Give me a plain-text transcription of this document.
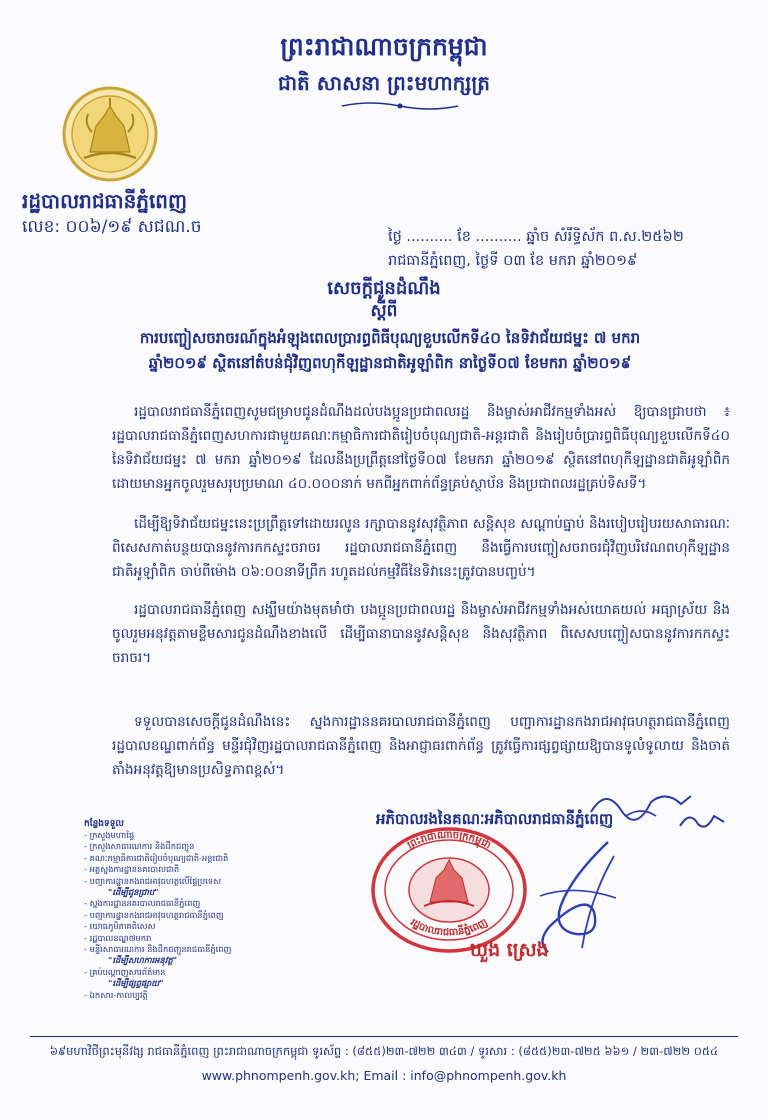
ព្រះរាជាណាចក្រកម្ពុជា
ជាតិ សាសនា ព្រះមហាក្សត្រ
រដ្ឋបាលរាជធានីភ្នំពេញ
លេខ: ០០៦/១៩ សជណ.ច	ថ្ងៃ .......... ខែ .......... ឆ្នាំច សំរឹទ្ធិស័ក ព.ស.២៥៦២
រាជធានីភ្នំពេញ, ថ្ងៃទី ០៣ ខែ មករា ឆ្នាំ២០១៩
សេចក្តីជូនដំណឹង
ស្តីពី
ការបញ្ចៀសចរាចរណ៍ក្នុងអំឡុងពេលប្រារព្ធពិធីបុណ្យខួបលើកទី៤០ នៃទិវាជ័យជម្នះ ៧ មករា
ឆ្នាំ២០១៩ ស្ថិតនៅតំបន់ជុំវិញពហុកីឡដ្ឋានជាតិអូឡាំពិក នាថ្ងៃទី០៧ ខែមករា ឆ្នាំ២០១៩
រដ្ឋបាលរាជធានីភ្នំពេញសូមជម្រាបជូនដំណឹងដល់បងប្អូនប្រជាពលរដ្ឋ និងម្ចាស់អាជីវកម្មទាំងអស់ ឱ្យបានជ្រាបថា ៖ រដ្ឋបាលរាជធានីភ្នំពេញសហការជាមួយគណៈកម្មាធិការជាតិរៀបចំបុណ្យជាតិ-អន្តរជាតិ និងរៀបចំប្រារព្ធពិធីបុណ្យខួបលើកទី៤០ នៃទិវាជ័យជម្នះ ៧ មករា ឆ្នាំ២០១៩ ដែលនឹងប្រព្រឹត្តនៅថ្ងៃទី០៧ ខែមករា ឆ្នាំ២០១៩ ស្ថិតនៅពហុកីឡដ្ឋានជាតិអូឡាំពិក ដោយមានអ្នកចូលរួមសរុបប្រមាណ ៤០.០០០នាក់ មកពីអ្នកពាក់ព័ន្ធគ្រប់ស្ថាប័ន និងប្រជាពលរដ្ឋគ្រប់ទិសទី។
ដើម្បីឱ្យទិវាជ័យជម្នះនេះប្រព្រឹត្តទៅដោយរលូន រក្សាបាននូវសុវត្ថិភាព សន្តិសុខ សណ្តាប់ធ្នាប់ និងរបៀបរៀបរយសាធារណៈ ពិសេសកាត់បន្ថយបាននូវការកកស្ទះចរាចរ រដ្ឋបាលរាជធានីភ្នំពេញ នឹងធ្វើការបញ្ចៀសចរាចរជុំវិញបរិវេណពហុកីឡដ្ឋានជាតិអូឡាំពិក ចាប់ពីម៉ោង ០៦:០០នាទីព្រឹក រហូតដល់កម្មវិធីនៃទិវានេះត្រូវបានបញ្ចប់។
រដ្ឋបាលរាជធានីភ្នំពេញ សង្ឃឹមយ៉ាងមុតមាំថា បងប្អូនប្រជាពលរដ្ឋ និងម្ចាស់អាជីវកម្មទាំងអស់យោគយល់ អធ្យាស្រ័យ និងចូលរួមអនុវត្តតាមខ្លឹមសារជូនដំណឹងខាងលើ ដើម្បីធានាបាននូវសន្តិសុខ និងសុវត្ថិភាព ពិសេសបញ្ចៀសបាននូវការកកស្ទះចរាចរ។
ទទួលបានសេចក្តីជូនដំណឹងនេះ ស្នងការដ្ឋាននគរបាលរាជធានីភ្នំពេញ បញ្ជាការដ្ឋានកងរាជអាវុធហត្ថរាជធានីភ្នំពេញ រដ្ឋបាលខណ្ឌពាក់ព័ន្ធ មន្ទីរជុំវិញរដ្ឋបាលរាជធានីភ្នំពេញ និងអាជ្ញាធរពាក់ព័ន្ធ ត្រូវធ្វើការផ្សព្វផ្សាយឱ្យបានទូលំទូលាយ និងចាត់តាំងអនុវត្តឱ្យមានប្រសិទ្ធភាពខ្ពស់។
អភិបាលរងនៃគណៈអភិបាលរាជធានីភ្នំពេញ
ព្រះរាជាណាចក្រកម្ពុជា
រដ្ឋបាលរាជធានីភ្នំពេញ
ឃួង ស្រេង
កន្លែងទទួល
- ក្រសួងមហាផ្ទៃ
- ក្រសួងសាធារណការ និងដឹកជញ្ជូន
- គណៈកម្មាធិការជាតិរៀបចំបុណ្យជាតិ-អន្តរជាតិ
- អគ្គស្នងការដ្ឋាននគរបាលជាតិ
- បញ្ជាការដ្ឋានកងរាជអាវុធហត្ថលើផ្ទៃប្រទេស
"ដើម្បីជូនជ្រាប"
- ស្នងការដ្ឋាននគរបាលរាជធានីភ្នំពេញ
- បញ្ជាការដ្ឋានកងរាជអាវុធហត្ថរាជធានីភ្នំពេញ
- យោធភូមិភាគពិសេស
- រដ្ឋបាលខណ្ឌ៧មករា
- មន្ទីរសាធារណការ និងដឹកជញ្ជូនរាជធានីភ្នំពេញ
"ដើម្បីសហការអនុវត្ត"
- គ្រប់បណ្តាញសារព័ត៌មាន
"ដើម្បីផ្សព្វផ្សាយ"
- ឯកសារ-កាលប្បវត្តិ
៦៩មហាវិថីព្រះមុនីវង្ស រាជធានីភ្នំពេញ ព្រះរាជាណាចក្រកម្ពុជា ទូរស័ព្ទ : (៨៥៥)២៣-៧២២ ៣៤៣ / ទូរសារ : (៨៥៥)២៣-៧២៥ ៦៦១ / ២៣-៧២២ ០៥៤
www.phnompenh.gov.kh; Email : info@phnompenh.gov.kh
